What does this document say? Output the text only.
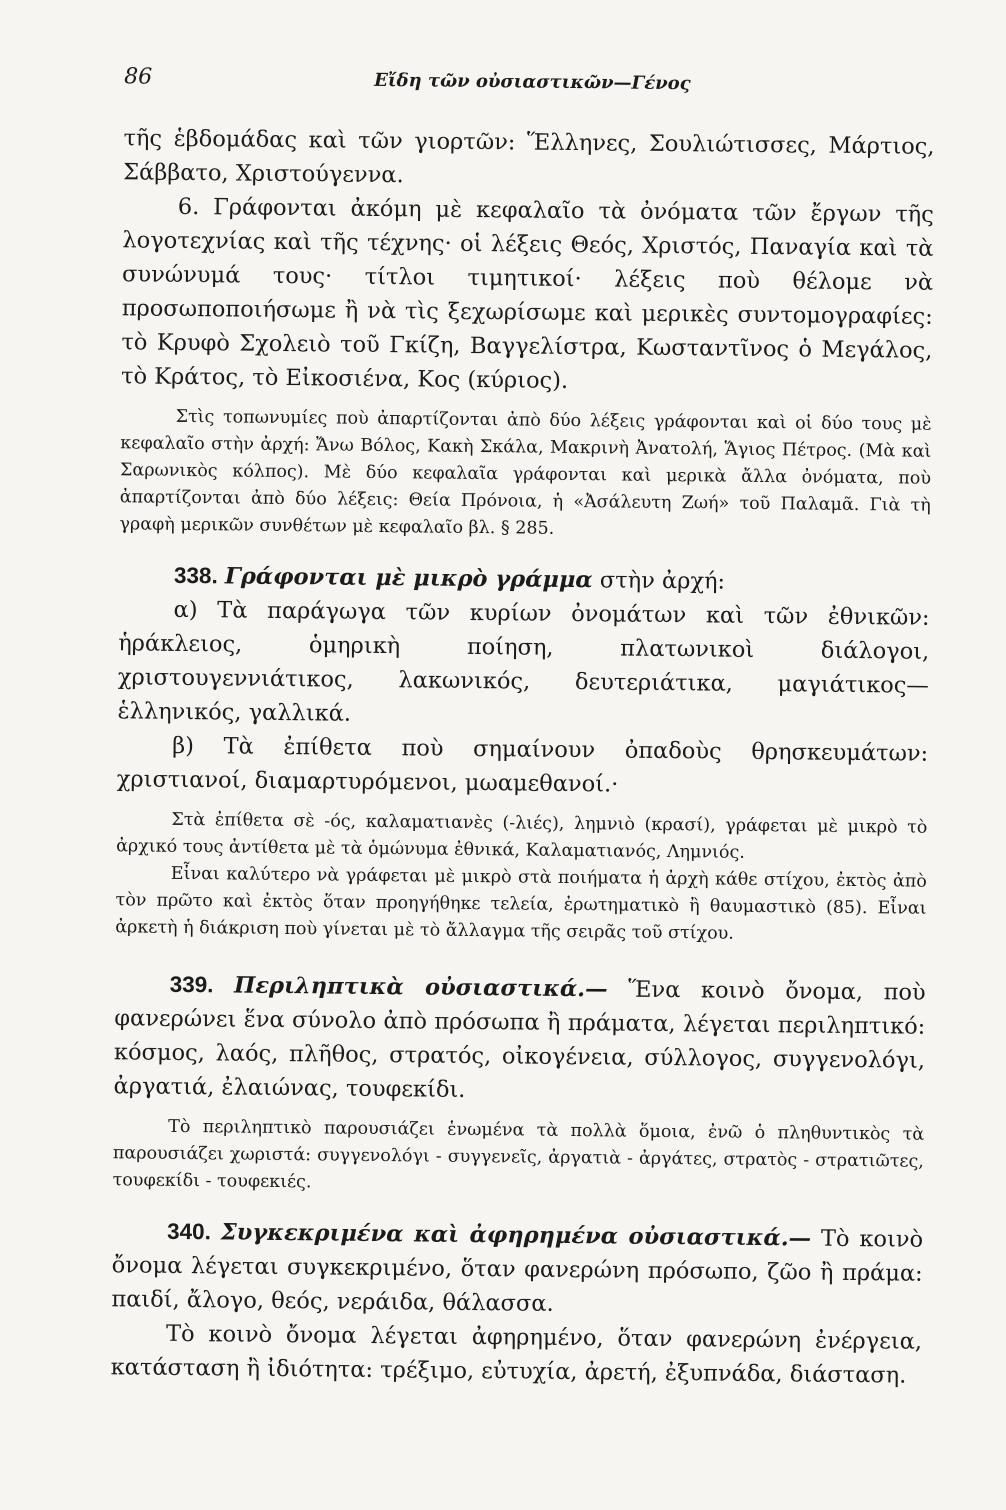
86	Εἴδη τῶν οὐσιαστικῶν—Γένος

τῆς ἑβδομάδας καὶ τῶν γιορτῶν: Ἕλληνες, Σουλιώτισσες, Μάρτιος, Σάββατο, Χριστούγεννα.

6. Γράφονται ἀκόμη μὲ κεφαλαῖο τὰ ὀνόματα τῶν ἔργων τῆς λογοτεχνίας καὶ τῆς τέχνης· οἱ λέξεις Θεός, Χριστός, Παναγία καὶ τὰ συνώνυμά τους· τίτλοι τιμητικοί· λέξεις ποὺ θέλομε νὰ προσωποποιήσωμε ἢ νὰ τὶς ξεχωρίσωμε καὶ μερικὲς συντομογραφίες: τὸ Κρυφὸ Σχολειὸ τοῦ Γκίζη, Βαγγελίστρα, Κωσταντῖνος ὁ Μεγάλος, τὸ Κράτος, τὸ Εἰκοσιένα, Κος (κύριος).

Στὶς τοπωνυμίες ποὺ ἀπαρτίζονται ἀπὸ δύο λέξεις γράφονται καὶ οἱ δύο τους μὲ κεφαλαῖο στὴν ἀρχή: Ἄνω Βόλος, Κακὴ Σκάλα, Μακρινὴ Ἀνατολή, Ἅγιος Πέτρος. (Μὰ καὶ Σαρωνικὸς κόλπος). Μὲ δύο κεφαλαῖα γράφονται καὶ μερικὰ ἄλλα ὀνόματα, ποὺ ἀπαρτίζονται ἀπὸ δύο λέξεις: Θεία Πρόνοια, ἡ «Ἀσάλευτη Ζωή» τοῦ Παλαμᾶ. Γιὰ τὴ γραφὴ μερικῶν συνθέτων μὲ κεφαλαῖο βλ. § 285.

338. Γράφονται μὲ μικρὸ γράμμα στὴν ἀρχή:

α) Τὰ παράγωγα τῶν κυρίων ὀνομάτων καὶ τῶν ἐθνικῶν: ἡράκλειος, ὁμηρικὴ ποίηση, πλατωνικοὶ διάλογοι, χριστουγεννιάτικος, λακωνικός, δευτεριάτικα, μαγιάτικος—ἑλληνικός, γαλλικά.

β) Τὰ ἐπίθετα ποὺ σημαίνουν ὀπαδοὺς θρησκευμάτων: χριστιανοί, διαμαρτυρόμενοι, μωαμεθανοί.·

Στὰ ἐπίθετα σὲ -ός, καλαματιανὲς (-λιές), λημνιὸ (κρασί), γράφεται μὲ μικρὸ τὸ ἀρχικό τους ἀντίθετα μὲ τὰ ὁμώνυμα ἐθνικά, Καλαματιανός, Λημνιός.

Εἶναι καλύτερο νὰ γράφεται μὲ μικρὸ στὰ ποιήματα ἡ ἀρχὴ κάθε στίχου, ἐκτὸς ἀπὸ τὸν πρῶτο καὶ ἐκτὸς ὅταν προηγήθηκε τελεία, ἐρωτηματικὸ ἢ θαυμαστικὸ (85). Εἶναι ἀρκετὴ ἡ διάκριση ποὺ γίνεται μὲ τὸ ἄλλαγμα τῆς σειρᾶς τοῦ στίχου.

339. Περιληπτικὰ οὐσιαστικά.— Ἕνα κοινὸ ὄνομα, ποὺ φανερώνει ἕνα σύνολο ἀπὸ πρόσωπα ἢ πράματα, λέγεται περιληπτικό: κόσμος, λαός, πλῆθος, στρατός, οἰκογένεια, σύλλογος, συγγενολόγι, ἀργατιά, ἐλαιώνας, τουφεκίδι.

Τὸ περιληπτικὸ παρουσιάζει ἑνωμένα τὰ πολλὰ ὅμοια, ἐνῶ ὁ πληθυντικὸς τὰ παρουσιάζει χωριστά: συγγενολόγι - συγγενεῖς, ἀργατιὰ - ἀργάτες, στρατὸς - στρατιῶτες, τουφεκίδι - τουφεκιές.

340. Συγκεκριμένα καὶ ἀφηρημένα οὐσιαστικά.— Τὸ κοινὸ ὄνομα λέγεται συγκεκριμένο, ὅταν φανερώνη πρόσωπο, ζῶο ἢ πράμα: παιδί, ἄλογο, θεός, νεράιδα, θάλασσα.

Τὸ κοινὸ ὄνομα λέγεται ἀφηρημένο, ὅταν φανερώνη ἐνέργεια, κατάσταση ἢ ἰδιότητα: τρέξιμο, εὐτυχία, ἀρετή, ἐξυπνάδα, διάσταση.
